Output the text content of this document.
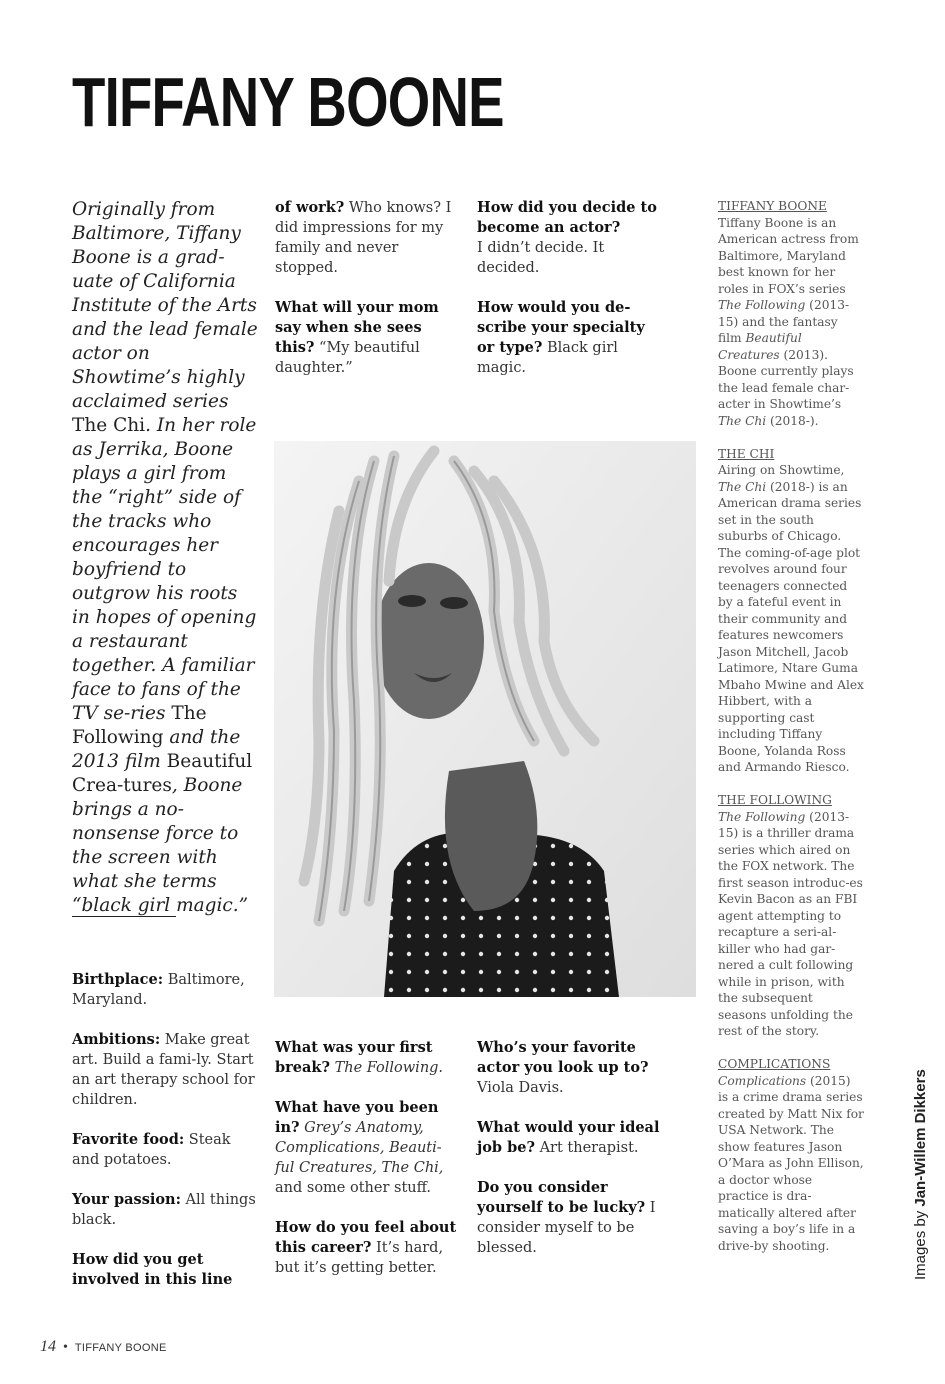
TIFFANY BOONE
Originally from Baltimore, Tiffany Boone is a grad-uate of California Institute of the Arts and the lead female actor on Showtime’s highly acclaimed series The Chi. In her role as Jerrika, Boone plays a girl from the “right” side of the tracks who encourages her boyfriend to outgrow his roots in hopes of opening a restaurant together. A familiar face to fans of the TV se-ries The Following and the 2013 film Beautiful Crea-tures, Boone brings a no-nonsense force to the screen with what she terms “black girl magic.”

Birthplace: Baltimore, Maryland.

Ambitions: Make great art. Build a fami-ly. Start an art therapy school for children.

Favorite food: Steak and potatoes.

Your passion: All things black.

How did you get involved in this line

of work? Who knows? I did impressions for my family and never stopped.

What will your mom say when she sees this? “My beautiful daughter.”

How did you decide to become an actor?
I didn’t decide. It decided.

How would you de-scribe your specialty or type? Black girl magic.

What was your first break? The Following.

What have you been in? Grey’s Anatomy, Complications, Beauti-ful Creatures, The Chi, and some other stuff.

How do you feel about this career? It’s hard, but it’s getting better.

Who’s your favorite actor you look up to? Viola Davis.

What would your ideal job be? Art therapist.

Do you consider yourself to be lucky? I consider myself to be blessed.

TIFFANY BOONE
Tiffany Boone is an American actress from Baltimore, Maryland best known for her roles in FOX’s series The Following (2013-15) and the fantasy film Beautiful Creatures (2013). Boone currently plays the lead female char-acter in Showtime’s The Chi (2018-).
THE CHI
Airing on Showtime, The Chi (2018-) is an American drama series set in the south suburbs of Chicago. The coming-of-age plot revolves around four teenagers connected by a fateful event in their community and features newcomers Jason Mitchell, Jacob Latimore, Ntare Guma Mbaho Mwine and Alex Hibbert, with a supporting cast including Tiffany Boone, Yolanda Ross and Armando Riesco.
THE FOLLOWING
The Following (2013-15) is a thriller drama series which aired on the FOX network. The first season introduc-es Kevin Bacon as an FBI agent attempting to recapture a seri-al-killer who had gar-nered a cult following while in prison, with the subsequent seasons unfolding the rest of the story.
COMPLICATIONS
Complications (2015) is a crime drama series created by Matt Nix for USA Network. The show features Jason O’Mara as John Ellison, a doctor whose practice is dra-matically altered after saving a boy’s life in a drive-by shooting.	Images by Jan-Willem Dikkers
14 • TIFFANY BOONE
